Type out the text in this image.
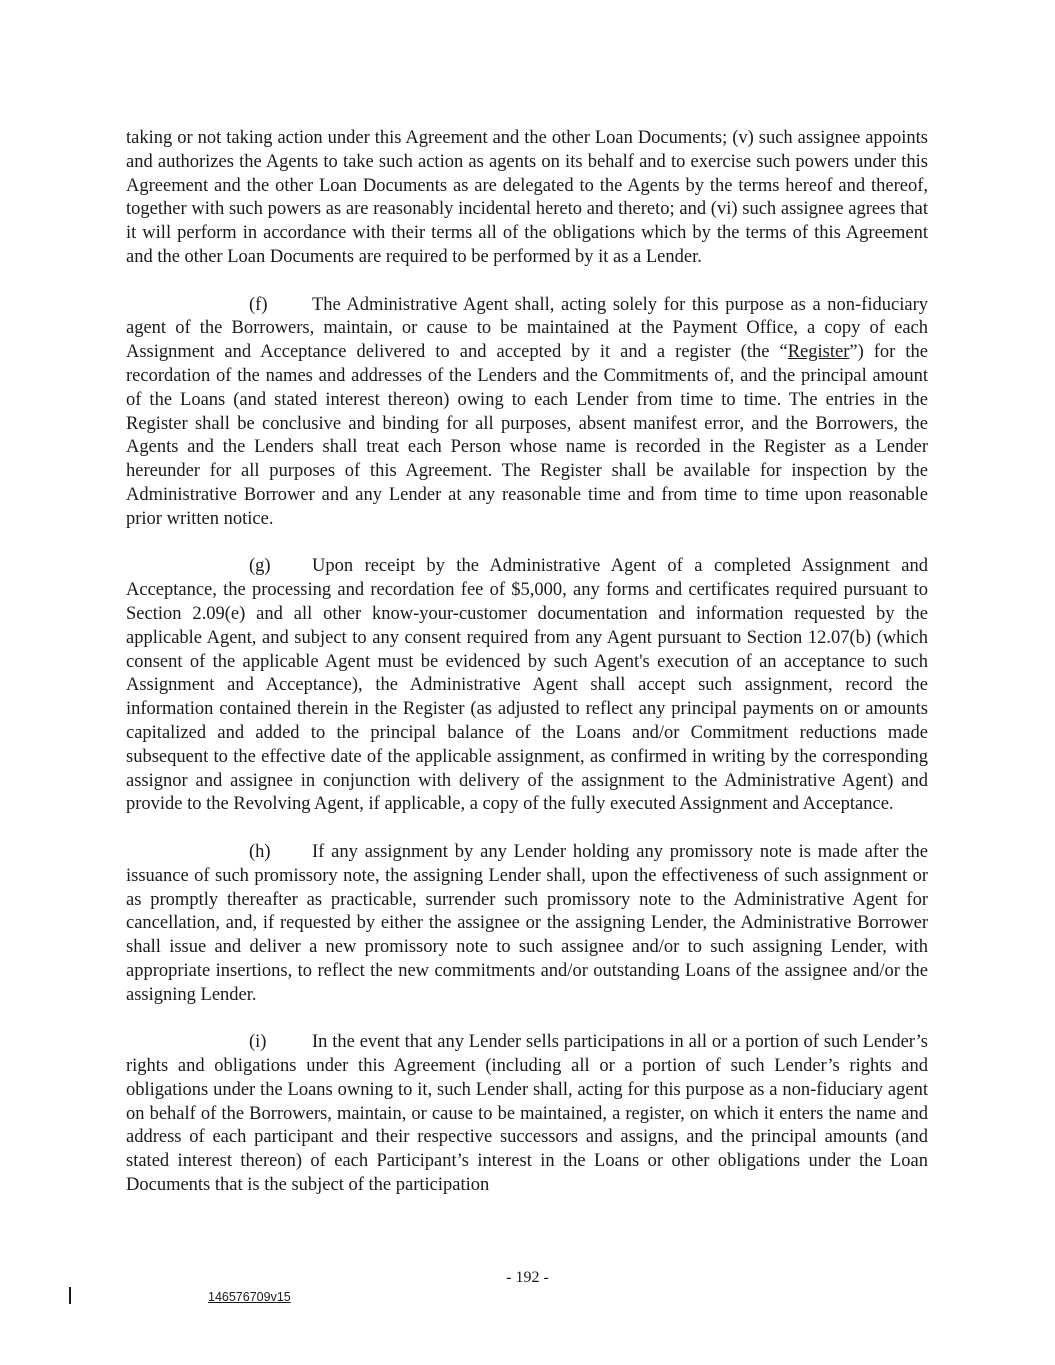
taking or not taking action under this Agreement and the other Loan Documents; (v) such assignee appoints and authorizes the Agents to take such action as agents on its behalf and to exercise such powers under this Agreement and the other Loan Documents as are delegated to the Agents by the terms hereof and thereof, together with such powers as are reasonably incidental hereto and thereto; and (vi) such assignee agrees that it will perform in accordance with their terms all of the obligations which by the terms of this Agreement and the other Loan Documents are required to be performed by it as a Lender.

(f) The Administrative Agent shall, acting solely for this purpose as a non-fiduciary agent of the Borrowers, maintain, or cause to be maintained at the Payment Office, a copy of each Assignment and Acceptance delivered to and accepted by it and a register (the “Register”) for the recordation of the names and addresses of the Lenders and the Commitments of, and the principal amount of the Loans (and stated interest thereon) owing to each Lender from time to time. The entries in the Register shall be conclusive and binding for all purposes, absent manifest error, and the Borrowers, the Agents and the Lenders shall treat each Person whose name is recorded in the Register as a Lender hereunder for all purposes of this Agreement. The Register shall be available for inspection by the Administrative Borrower and any Lender at any reasonable time and from time to time upon reasonable prior written notice.

(g) Upon receipt by the Administrative Agent of a completed Assignment and Acceptance, the processing and recordation fee of $5,000, any forms and certificates required pursuant to Section 2.09(e) and all other know-your-customer documentation and information requested by the applicable Agent, and subject to any consent required from any Agent pursuant to Section 12.07(b) (which consent of the applicable Agent must be evidenced by such Agent's execution of an acceptance to such Assignment and Acceptance), the Administrative Agent shall accept such assignment, record the information contained therein in the Register (as adjusted to reflect any principal payments on or amounts capitalized and added to the principal balance of the Loans and/or Commitment reductions made subsequent to the effective date of the applicable assignment, as confirmed in writing by the corresponding assignor and assignee in conjunction with delivery of the assignment to the Administrative Agent) and provide to the Revolving Agent, if applicable, a copy of the fully executed Assignment and Acceptance.

(h) If any assignment by any Lender holding any promissory note is made after the issuance of such promissory note, the assigning Lender shall, upon the effectiveness of such assignment or as promptly thereafter as practicable, surrender such promissory note to the Administrative Agent for cancellation, and, if requested by either the assignee or the assigning Lender, the Administrative Borrower shall issue and deliver a new promissory note to such assignee and/or to such assigning Lender, with appropriate insertions, to reflect the new commitments and/or outstanding Loans of the assignee and/or the assigning Lender.

(i) In the event that any Lender sells participations in all or a portion of such Lender’s rights and obligations under this Agreement (including all or a portion of such Lender’s rights and obligations under the Loans owning to it, such Lender shall, acting for this purpose as a non-fiduciary agent on behalf of the Borrowers, maintain, or cause to be maintained, a register, on which it enters the name and address of each participant and their respective successors and assigns, and the principal amounts (and stated interest thereon) of each Participant’s interest in the Loans or other obligations under the Loan Documents that is the subject of the participation

- 192 -
146576709v15
